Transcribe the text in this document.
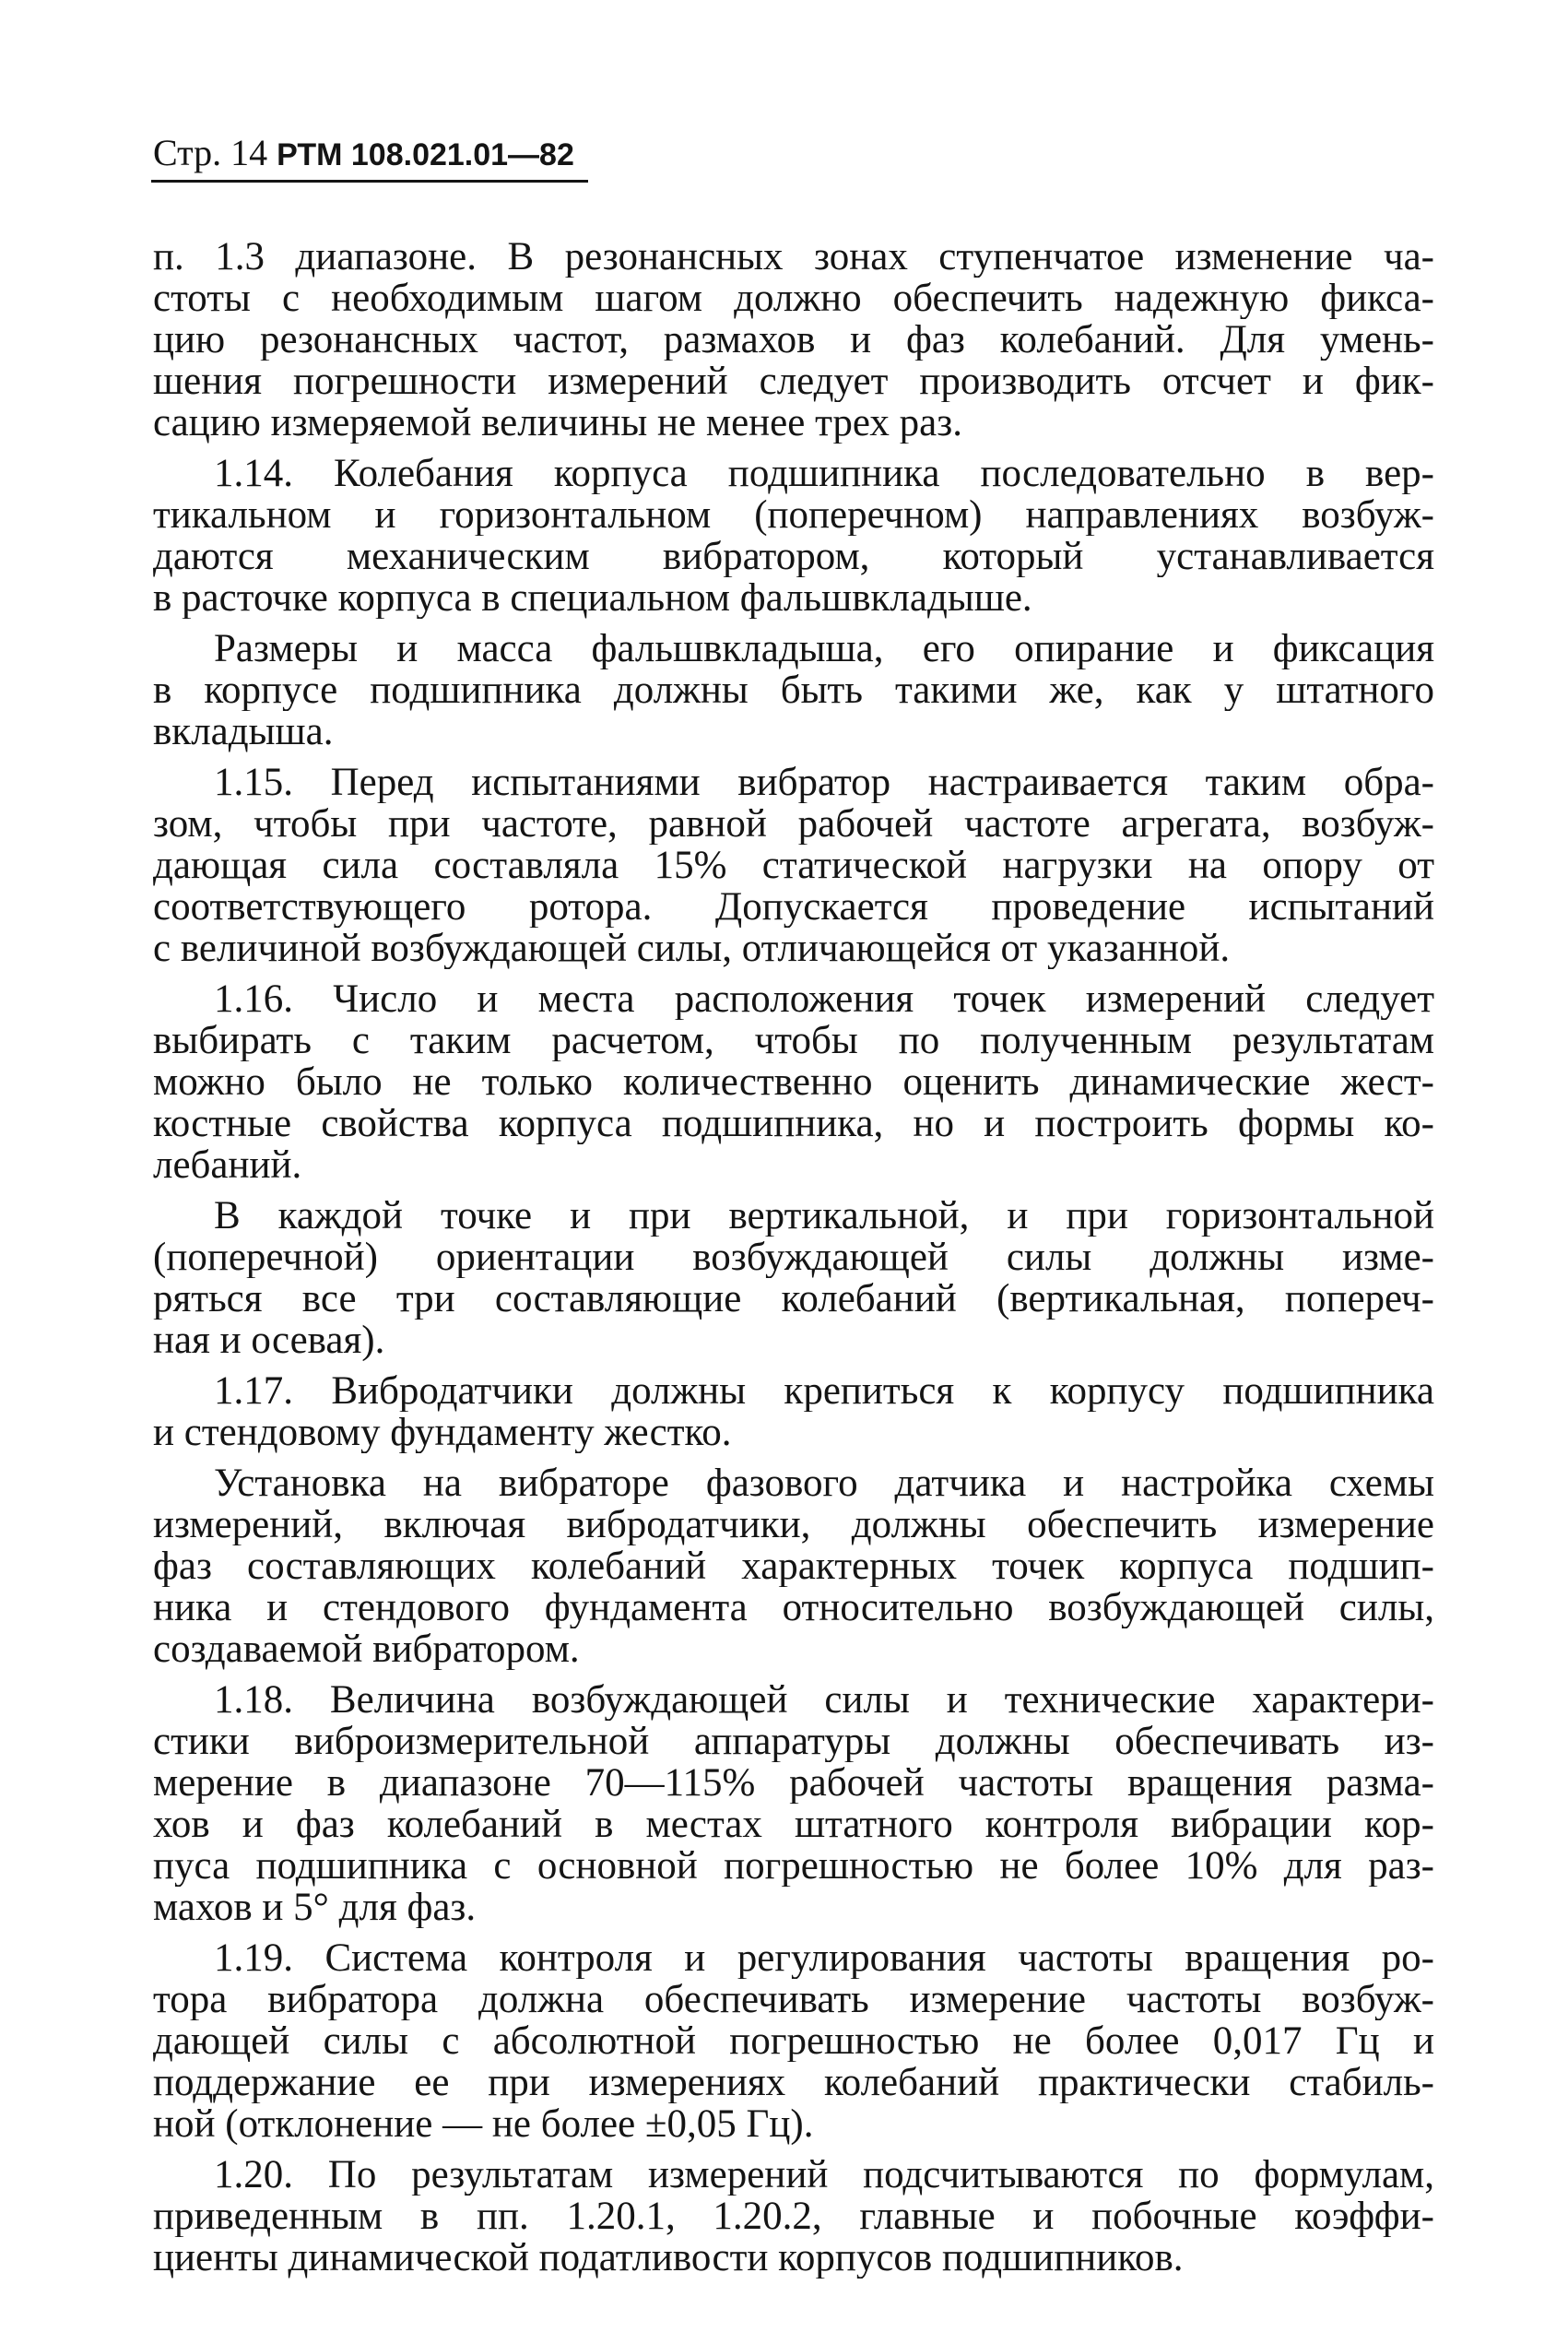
Стр. 14 РТМ 108.021.01—82
п. 1.3 диапазоне. В резонансных зонах ступенчатое изменение ча-
стоты с необходимым шагом должно обеспечить надежную фикса-
цию резонансных частот, размахов и фаз колебаний. Для умень-
шения погрешности измерений следует производить отсчет и фик-
сацию измеряемой величины не менее трех раз.
1.14. Колебания корпуса подшипника последовательно в вер-
тикальном и горизонтальном (поперечном) направлениях возбуж-
даются механическим вибратором, который устанавливается
в расточке корпуса в специальном фальшвкладыше.
Размеры и масса фальшвкладыша, его опирание и фиксация
в корпусе подшипника должны быть такими же, как у штатного
вкладыша.
1.15. Перед испытаниями вибратор настраивается таким обра-
зом, чтобы при частоте, равной рабочей частоте агрегата, возбуж-
дающая сила составляла 15% статической нагрузки на опору от
соответствующего ротора. Допускается проведение испытаний
с величиной возбуждающей силы, отличающейся от указанной.
1.16. Число и места расположения точек измерений следует
выбирать с таким расчетом, чтобы по полученным результатам
можно было не только количественно оценить динамические жест-
костные свойства корпуса подшипника, но и построить формы ко-
лебаний.
В каждой точке и при вертикальной, и при горизонтальной
(поперечной) ориентации возбуждающей силы должны изме-
ряться все три составляющие колебаний (вертикальная, попереч-
ная и осевая).
1.17. Вибродатчики должны крепиться к корпусу подшипника
и стендовому фундаменту жестко.
Установка на вибраторе фазового датчика и настройка схемы
измерений, включая вибродатчики, должны обеспечить измерение
фаз составляющих колебаний характерных точек корпуса подшип-
ника и стендового фундамента относительно возбуждающей силы,
создаваемой вибратором.
1.18. Величина возбуждающей силы и технические характери-
стики виброизмерительной аппаратуры должны обеспечивать из-
мерение в диапазоне 70—115% рабочей частоты вращения разма-
хов и фаз колебаний в местах штатного контроля вибрации кор-
пуса подшипника с основной погрешностью не более 10% для раз-
махов и 5° для фаз.
1.19. Система контроля и регулирования частоты вращения ро-
тора вибратора должна обеспечивать измерение частоты возбуж-
дающей силы с абсолютной погрешностью не более 0,017 Гц и
поддержание ее при измерениях колебаний практически стабиль-
ной (отклонение — не более ±0,05 Гц).
1.20. По результатам измерений подсчитываются по формулам,
приведенным в пп. 1.20.1, 1.20.2, главные и побочные коэффи-
циенты динамической податливости корпусов подшипников.
